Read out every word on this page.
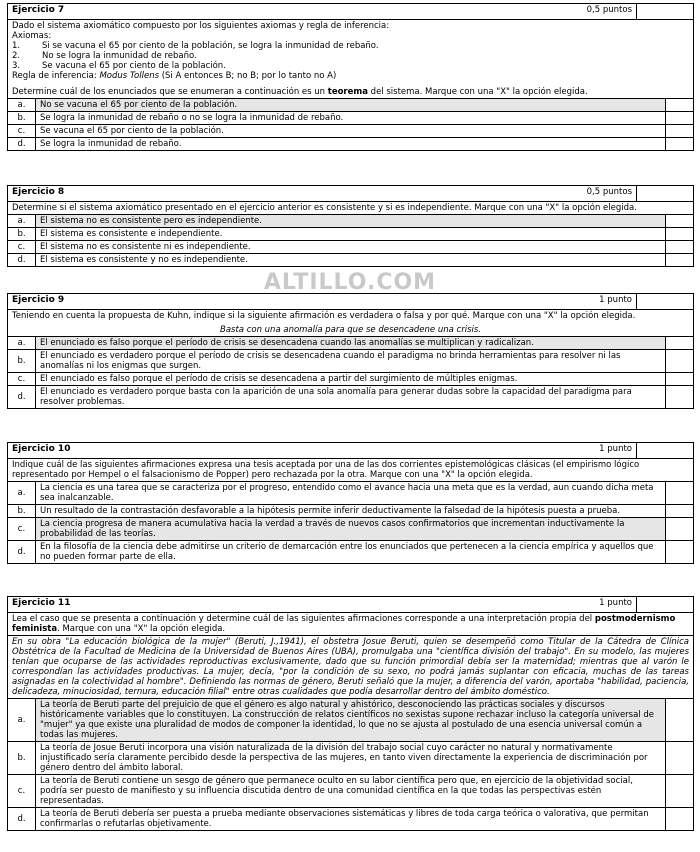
Ejercicio 7	0,5 puntos

Dado el sistema axiomático compuesto por los siguientes axiomas y regla de inferencia:

Axiomas:

1.	Si se vacuna el 65 por ciento de la población, se logra la inmunidad de rebaño.
2.	No se logra la inmunidad de rebaño.
3.	Se vacuna el 65 por ciento de la población.

Regla de inferencia: Modus Tollens (Si A entonces B; no B; por lo tanto no A)

Determine cuál de los enunciados que se enumeran a continuación es un teorema del sistema. Marque con una "X" la opción elegida.

a.	No se vacuna el 65 por ciento de la población.
b.	Se logra la inmunidad de rebaño o no se logra la inmunidad de rebaño.
c.	Se vacuna el 65 por ciento de la población.
d.	Se logra la inmunidad de rebaño.
Ejercicio 8	0,5 puntos
Determine si el sistema axiomático presentado en el ejercicio anterior es consistente y si es independiente. Marque con una "X" la opción elegida.
a.	El sistema no es consistente pero es independiente.
b.	El sistema es consistente e independiente.
c.	El sistema no es consistente ni es independiente.
d.	El sistema es consistente y no es independiente.
ALTILLO.COM
Ejercicio 9	1 punto

Teniendo en cuenta la propuesta de Kuhn, indique si la siguiente afirmación es verdadera o falsa y por qué. Marque con una "X" la opción elegida.

Basta con una anomalía para que se desencadene una crisis.

a.	El enunciado es falso porque el período de crisis se desencadena cuando las anomalías se multiplican y radicalizan.
b.	El enunciado es verdadero porque el período de crisis se desencadena cuando el paradigma no brinda herramientas para resolver ni las anomalías ni los enigmas que surgen.
c.	El enunciado es falso porque el período de crisis se desencadena a partir del surgimiento de múltiples enigmas.
d.	El enunciado es verdadero porque basta con la aparición de una sola anomalía para generar dudas sobre la capacidad del paradigma para resolver problemas.
Ejercicio 10	1 punto
Indique cuál de las siguientes afirmaciones expresa una tesis aceptada por una de las dos corrientes epistemológicas clásicas (el empirismo lógico representado por Hempel o el falsacionismo de Popper) pero rechazada por la otra. Marque con una "X" la opción elegida.
a.	La ciencia es una tarea que se caracteriza por el progreso, entendido como el avance hacia una meta que es la verdad, aun cuando dicha meta sea inalcanzable.
b.	Un resultado de la contrastación desfavorable a la hipótesis permite inferir deductivamente la falsedad de la hipótesis puesta a prueba.
c.	La ciencia progresa de manera acumulativa hacia la verdad a través de nuevos casos confirmatorios que incrementan inductivamente la probabilidad de las teorías.
d.	En la filosofía de la ciencia debe admitirse un criterio de demarcación entre los enunciados que pertenecen a la ciencia empírica y aquellos que no pueden formar parte de ella.
Ejercicio 11	1 punto

Lea el caso que se presenta a continuación y determine cuál de las siguientes afirmaciones corresponde a una interpretación propia del postmodernismo feminista. Marque con una "X" la opción elegida.

En su obra "La educación biológica de la mujer" (Beruti, J.,1941), el obstetra Josue Beruti, quien se desempeñó como Titular de la Cátedra de Clínica Obstétrica de la Facultad de Medicina de la Universidad de Buenos Aires (UBA), promulgaba una "científica división del trabajo". En su modelo, las mujeres tenían que ocuparse de las actividades reproductivas exclusivamente, dado que su función primordial debía ser la maternidad; mientras que al varón le correspondían las actividades productivas. La mujer, decía, "por la condición de su sexo, no podrá jamás suplantar con eficacia, muchas de las tareas asignadas en la colectividad al hombre". Definiendo las normas de género, Beruti señaló que la mujer, a diferencia del varón, aportaba "habilidad, paciencia, delicadeza, minuciosidad, ternura, educación filial" entre otras cualidades que podía desarrollar dentro del ámbito doméstico.
a.
La teoría de Beruti parte del prejuicio de que el género es algo natural y ahistórico, desconociendo las prácticas sociales y discursos históricamente variables que lo constituyen. La construcción de relatos científicos no sexistas supone rechazar incluso la categoría universal de "mujer" ya que existe una pluralidad de modos de componer la identidad, lo que no se ajusta al postulado de una esencia universal común a todas las mujeres.
b.
La teoría de Josue Beruti incorpora una visión naturalizada de la división del trabajo social cuyo carácter no natural y normativamente injustificado sería claramente percibido desde la perspectiva de las mujeres, en tanto viven directamente la experiencia de discriminación por género dentro del ámbito laboral.
c.
La teoría de Beruti contiene un sesgo de género que permanece oculto en su labor científica pero que, en ejercicio de la objetividad social, podría ser puesto de manifiesto y su influencia discutida dentro de una comunidad científica en la que todas las perspectivas estén representadas.
d.	La teoría de Beruti debería ser puesta a prueba mediante observaciones sistemáticas y libres de toda carga teórica o valorativa, que permitan confirmarlas o refutarlas objetivamente.
